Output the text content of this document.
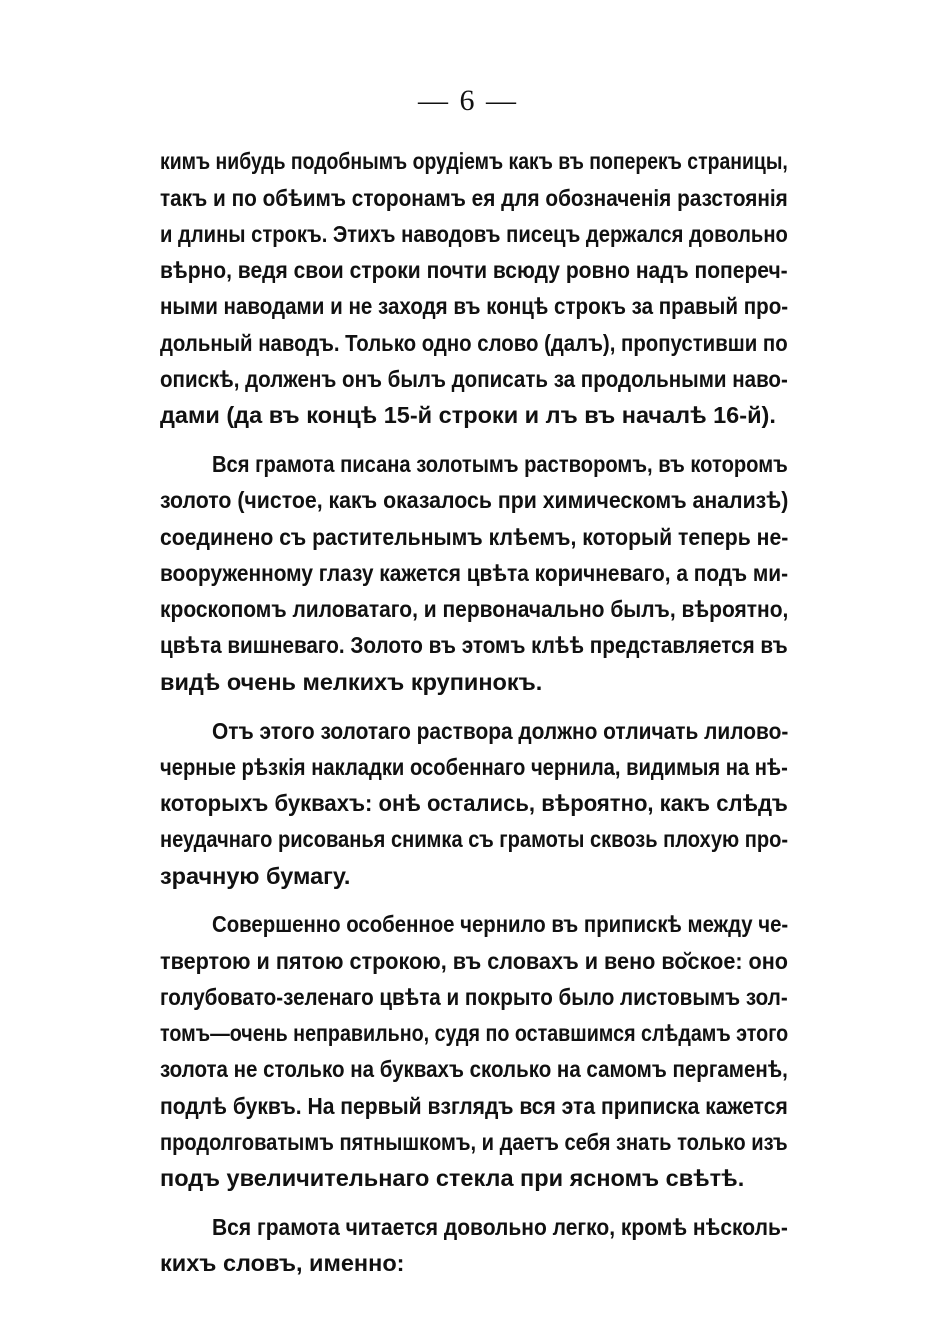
— 6 —
кимъ нибудь подобнымъ орудіемъ какъ въ поперекъ страницы,
такъ и по обѣимъ сторонамъ ея для обозначенія разстоянія
и длины строкъ. Этихъ наводовъ писецъ держался довольно
вѣрно, ведя свои строки почти всюду ровно надъ попереч-
ными наводами и не заходя въ концѣ строкъ за правый про-
дольный наводъ. Только одно слово (далъ), пропустивши по
опискѣ, долженъ онъ былъ дописать за продольными наво-
дами (да въ концѣ 15-й строки и лъ въ началѣ 16-й).
Вся грамота писана золотымъ растворомъ, въ которомъ
золото (чистое, какъ оказалось при химическомъ анализѣ)
соединено съ растительнымъ клѣемъ, который теперь не-
вооруженному глазу кажется цвѣта коричневаго, а подъ ми-
кроскопомъ лиловатаго, и первоначально былъ, вѣроятно,
цвѣта вишневаго. Золото въ этомъ клѣѣ представляется въ
видѣ очень мелкихъ крупинокъ.
Отъ этого золотаго раствора должно отличать лилово-
черные рѣзкія накладки особеннаго чернила, видимыя на нѣ-
которыхъ буквахъ: онѣ остались, вѣроятно, какъ слѣдъ
неудачнаго рисованья снимка съ грамоты сквозь плохую про-
зрачную бумагу.
Совершенно особенное чернило въ припискѣ между че-
твертою и пятою строкою, въ словахъ и вено во̆ское: оно
голубовато-зеленаго цвѣта и покрыто было листовымъ зол-
томъ—очень неправильно, судя по оставшимся слѣдамъ этого
золота не столько на буквахъ сколько на самомъ пергаменѣ,
подлѣ буквъ. На первый взглядъ вся эта приписка кажется
продолговатымъ пятнышкомъ, и даетъ себя знать только изъ
подъ увеличительнаго стекла при ясномъ свѣтѣ.
Вся грамота читается довольно легко, кромѣ нѣсколь-
кихъ словъ, именно:
